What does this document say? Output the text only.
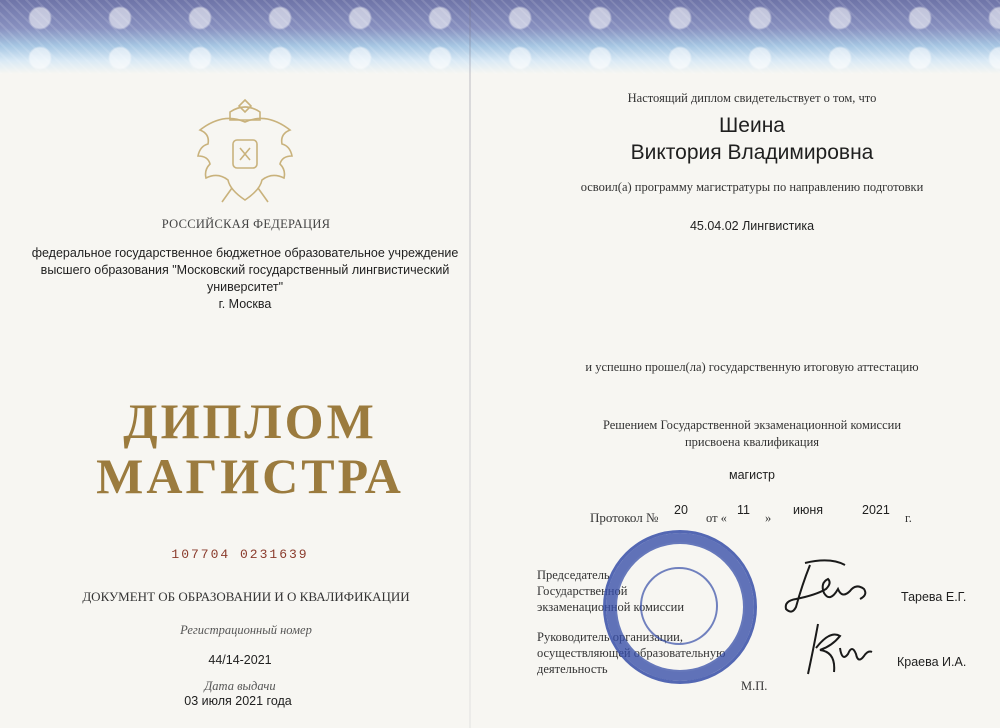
РОССИЙСКАЯ ФЕДЕРАЦИЯ
федеральное государственное бюджетное образовательное учреждение
высшего образования "Московский государственный лингвистический
университет"
г. Москва
ДИПЛОМ
МАГИСТРА
107704 0231639
ДОКУМЕНТ ОБ ОБРАЗОВАНИИ И О КВАЛИФИКАЦИИ
Регистрационный номер
44/14-2021
Дата выдачи
03 июля 2021 года
Настоящий диплом свидетельствует о том, что
Шеина
Виктория Владимировна
освоил(а) программу магистратуры по направлению подготовки
45.04.02 Лингвистика
и успешно прошел(ла) государственную итоговую аттестацию
Решением Государственной экзаменационной комиссии
присвоена квалификация
магистр
Протокол № 20
от «
11
»
июня	2021
г.
Председатель
Государственной
экзаменационной комиссии
Тарева Е.Г.
Руководитель организации,
осуществляющей образовательную
деятельность	Краева И.А.
М.П.
